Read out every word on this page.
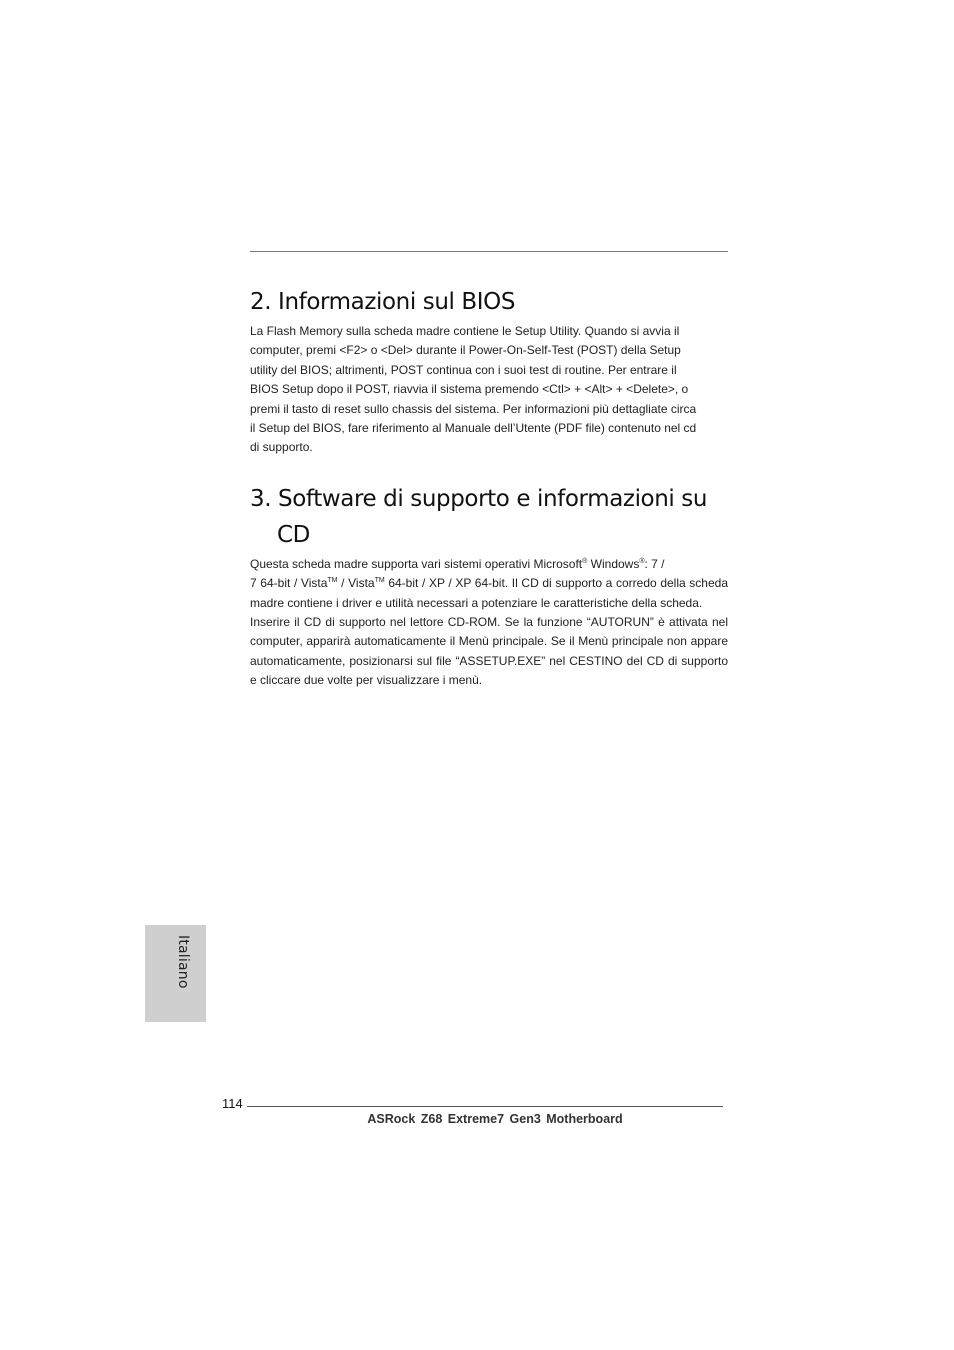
2. Informazioni sul BIOS

La Flash Memory sulla scheda madre contiene le Setup Utility. Quando si avvia il
computer, premi <F2> o <Del> durante il Power-On-Self-Test (POST) della Setup
utility del BIOS; altrimenti, POST continua con i suoi test di routine. Per entrare il
BIOS Setup dopo il POST, riavvia il sistema premendo <Ctl> + <Alt> + <Delete>, o
premi il tasto di reset sullo chassis del sistema. Per informazioni più dettagliate circa
il Setup del BIOS, fare riferimento al Manuale dell’Utente (PDF file) contenuto nel cd
di supporto.

3. Software di supporto e informazioni su
CD

Questa scheda madre supporta vari sistemi operativi Microsoft® Windows®: 7 /
7 64-bit / Vista™ / Vista™ 64-bit / XP / XP 64-bit. Il CD di supporto a corredo della scheda madre contiene i driver e utilità necessari a potenziare le caratteristiche della scheda.

Inserire il CD di supporto nel lettore CD-ROM. Se la funzione “AUTORUN” è attivata nel computer, apparirà automaticamente il Menù principale. Se il Menù principale non appare automaticamente, posizionarsi sul file “ASSETUP.EXE” nel CESTINO del CD di supporto e cliccare due volte per visualizzare i menù.

Italiano
114
ASRock Z68 Extreme7 Gen3 Motherboard
